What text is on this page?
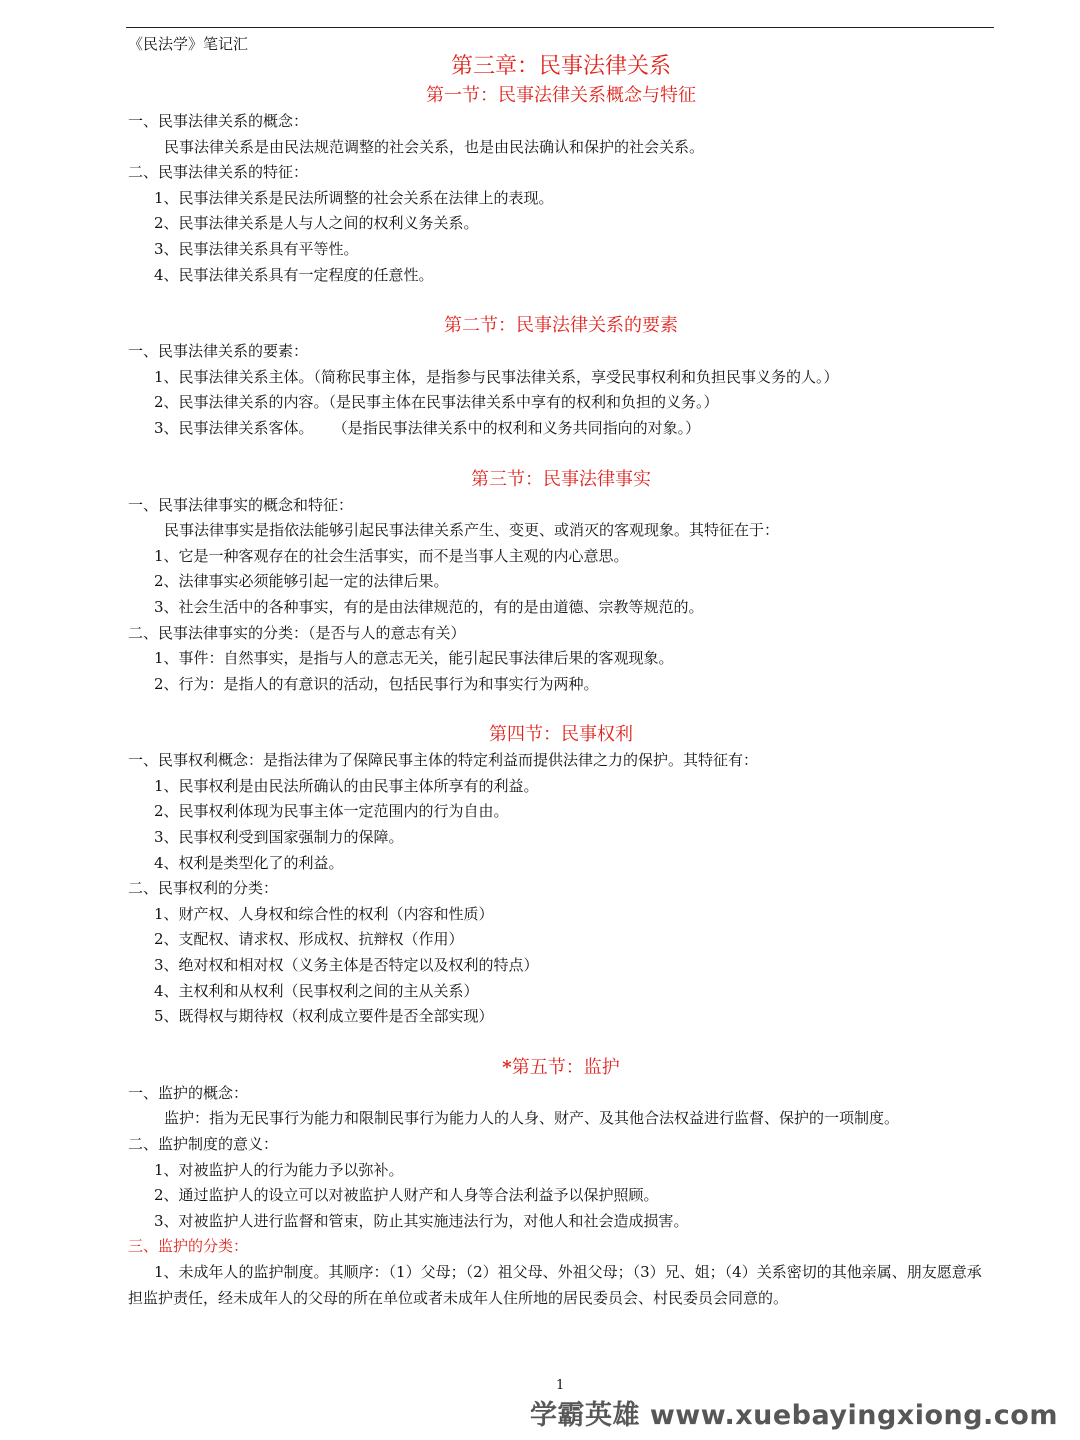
《民法学》笔记汇
第三章：民事法律关系
第一节：民事法律关系概念与特征
一、民事法律关系的概念：
民事法律关系是由民法规范调整的社会关系，也是由民法确认和保护的社会关系。
二、民事法律关系的特征：
1、民事法律关系是民法所调整的社会关系在法律上的表现。
2、民事法律关系是人与人之间的权利义务关系。
3、民事法律关系具有平等性。
4、民事法律关系具有一定程度的任意性。
第二节：民事法律关系的要素
一、民事法律关系的要素：
1、民事法律关系主体。（简称民事主体，是指参与民事法律关系，享受民事权利和负担民事义务的人。）
2、民事法律关系的内容。（是民事主体在民事法律关系中享有的权利和负担的义务。）
3、民事法律关系客体。    （是指民事法律关系中的权利和义务共同指向的对象。）
第三节：民事法律事实
一、民事法律事实的概念和特征：
民事法律事实是指依法能够引起民事法律关系产生、变更、或消灭的客观现象。其特征在于：
1、它是一种客观存在的社会生活事实，而不是当事人主观的内心意思。
2、法律事实必须能够引起一定的法律后果。
3、社会生活中的各种事实，有的是由法律规范的，有的是由道德、宗教等规范的。
二、民事法律事实的分类：（是否与人的意志有关）
1、事件：自然事实，是指与人的意志无关，能引起民事法律后果的客观现象。
2、行为：是指人的有意识的活动，包括民事行为和事实行为两种。
第四节：民事权利
一、民事权利概念：是指法律为了保障民事主体的特定利益而提供法律之力的保护。其特征有：
1、民事权利是由民法所确认的由民事主体所享有的利益。
2、民事权利体现为民事主体一定范围内的行为自由。
3、民事权利受到国家强制力的保障。
4、权利是类型化了的利益。
二、民事权利的分类：
1、财产权、人身权和综合性的权利（内容和性质）
2、支配权、请求权、形成权、抗辩权（作用）
3、绝对权和相对权（义务主体是否特定以及权利的特点）
4、主权利和从权利（民事权利之间的主从关系）
5、既得权与期待权（权利成立要件是否全部实现）
*第五节：监护
一、监护的概念：
监护：指为无民事行为能力和限制民事行为能力人的人身、财产、及其他合法权益进行监督、保护的一项制度。
二、监护制度的意义：
1、对被监护人的行为能力予以弥补。
2、通过监护人的设立可以对被监护人财产和人身等合法利益予以保护照顾。
3、对被监护人进行监督和管束，防止其实施违法行为，对他人和社会造成损害。
三、监护的分类：
1、未成年人的监护制度。其顺序：（1）父母；（2）祖父母、外祖父母；（3）兄、姐；（4）关系密切的其他亲属、朋友愿意承担监护责任，经未成年人的父母的所在单位或者未成年人住所地的居民委员会、村民委员会同意的。
1
学霸英雄 www.xuebayingxiong.com
